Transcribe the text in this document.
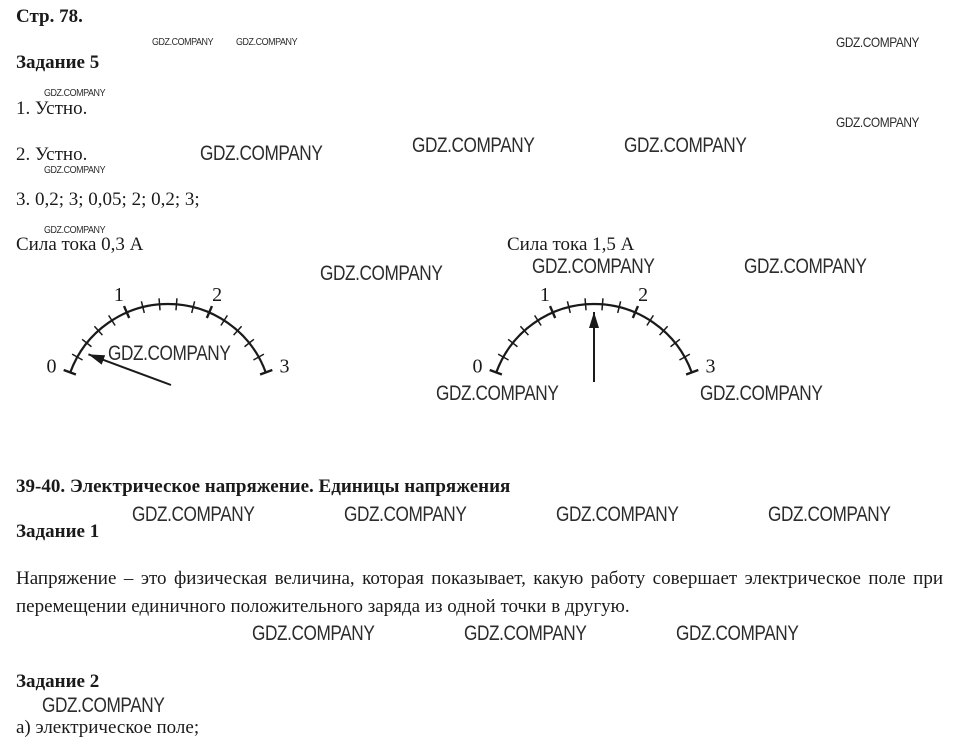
Стр. 78.
Задание 5
1. Устно.
2. Устно.
3. 0,2; 3; 0,05; 2; 0,2; 3;
Сила тока 0,3 А	Сила тока 1,5 А
0
1	2
3	0
1	2
3
39-40. Электрическое напряжение. Единицы напряжения
Задание 1
Напряжение – это физическая величина, которая показывает, какую работу совершает электрическое поле при перемещении единичного положительного заряда из одной точки в другую.
Задание 2
а) электрическое поле;
GDZ.COMPANY GDZ.COMPANY	GDZ.COMPANY
GDZ.COMPANY
GDZ.COMPANY
GDZ.COMPANY	GDZ.COMPANY	GDZ.COMPANY
GDZ.COMPANY
GDZ.COMPANY
GDZ.COMPANY	GDZ.COMPANY
GDZ.COMPANY
GDZ.COMPANY
GDZ.COMPANY	GDZ.COMPANY
GDZ.COMPANY	GDZ.COMPANY	GDZ.COMPANY	GDZ.COMPANY
GDZ.COMPANY	GDZ.COMPANY	GDZ.COMPANY
GDZ.COMPANY
